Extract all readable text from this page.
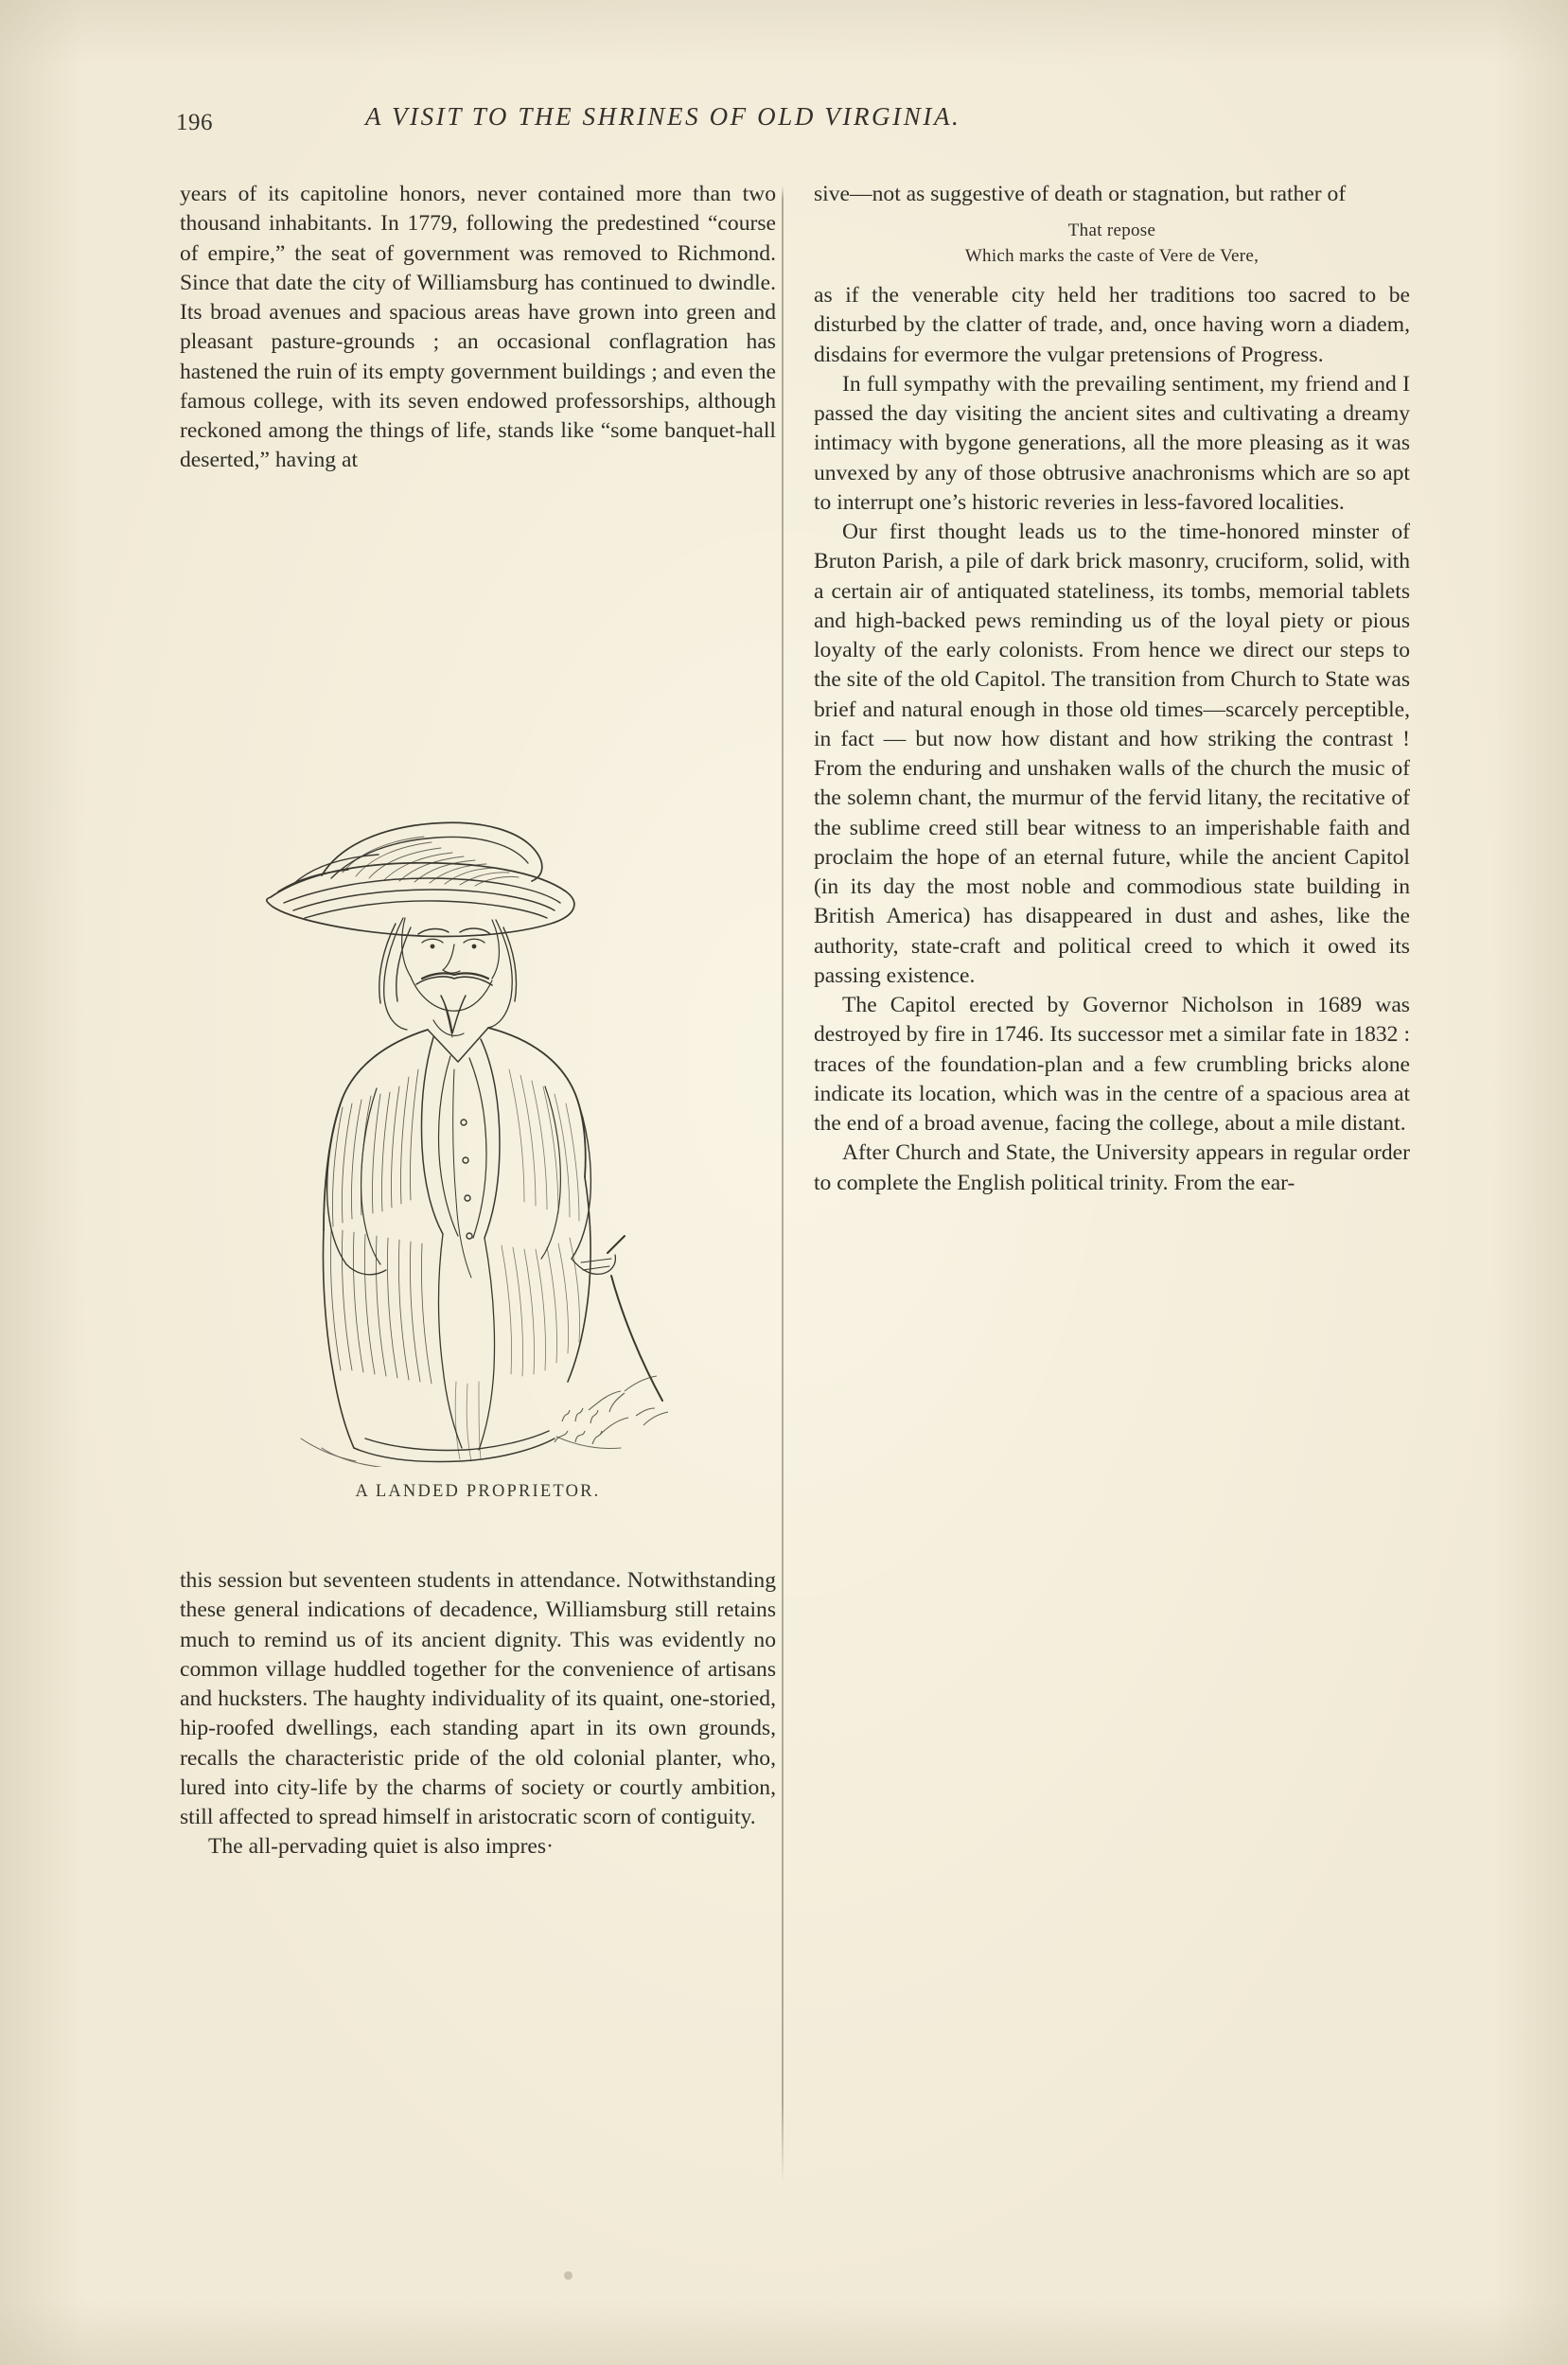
196	A VISIT TO THE SHRINES OF OLD VIRGINIA.

years of its capitoline honors, never contained more than two thousand inhabitants. In 1779, following the predestined “course of empire,” the seat of government was removed to Richmond. Since that date the city of Williamsburg has continued to dwindle. Its broad avenues and spacious areas have grown into green and pleasant pasture-grounds ; an occasional conflagration has hastened the ruin of its empty government buildings ; and even the famous college, with its seven endowed professorships, although reckoned among the things of life, stands like “some banquet-hall deserted,” having at

A LANDED PROPRIETOR.

this session but seventeen students in attendance. Notwithstanding these general indications of decadence, Williamsburg still retains much to remind us of its ancient dignity. This was evidently no common village huddled together for the convenience of artisans and hucksters. The haughty individuality of its quaint, one-storied, hip-roofed dwellings, each standing apart in its own grounds, recalls the characteristic pride of the old colonial planter, who, lured into city-life by the charms of society or courtly ambition, still affected to spread himself in aristocratic scorn of contiguity.

The all-pervading quiet is also impres·

sive—not as suggestive of death or stagnation, but rather of

That repose
Which marks the caste of Vere de Vere,

as if the venerable city held her traditions too sacred to be disturbed by the clatter of trade, and, once having worn a diadem, disdains for evermore the vulgar pretensions of Progress.

In full sympathy with the prevailing sentiment, my friend and I passed the day visiting the ancient sites and cultivating a dreamy intimacy with bygone generations, all the more pleasing as it was unvexed by any of those obtrusive anachronisms which are so apt to interrupt one’s historic reveries in less-favored localities.

Our first thought leads us to the time-honored minster of Bruton Parish, a pile of dark brick masonry, cruciform, solid, with a certain air of antiquated stateliness, its tombs, memorial tablets and high-backed pews reminding us of the loyal piety or pious loyalty of the early colonists. From hence we direct our steps to the site of the old Capitol. The transition from Church to State was brief and natural enough in those old times—scarcely perceptible, in fact — but now how distant and how striking the contrast ! From the enduring and unshaken walls of the church the music of the solemn chant, the murmur of the fervid litany, the recitative of the sublime creed still bear witness to an imperishable faith and proclaim the hope of an eternal future, while the ancient Capitol (in its day the most noble and commodious state building in British America) has disappeared in dust and ashes, like the authority, state-craft and political creed to which it owed its passing existence.

The Capitol erected by Governor Nicholson in 1689 was destroyed by fire in 1746. Its successor met a similar fate in 1832 : traces of the foundation-plan and a few crumbling bricks alone indicate its location, which was in the centre of a spacious area at the end of a broad avenue, facing the college, about a mile distant.

After Church and State, the University appears in regular order to complete the English political trinity. From the ear-
